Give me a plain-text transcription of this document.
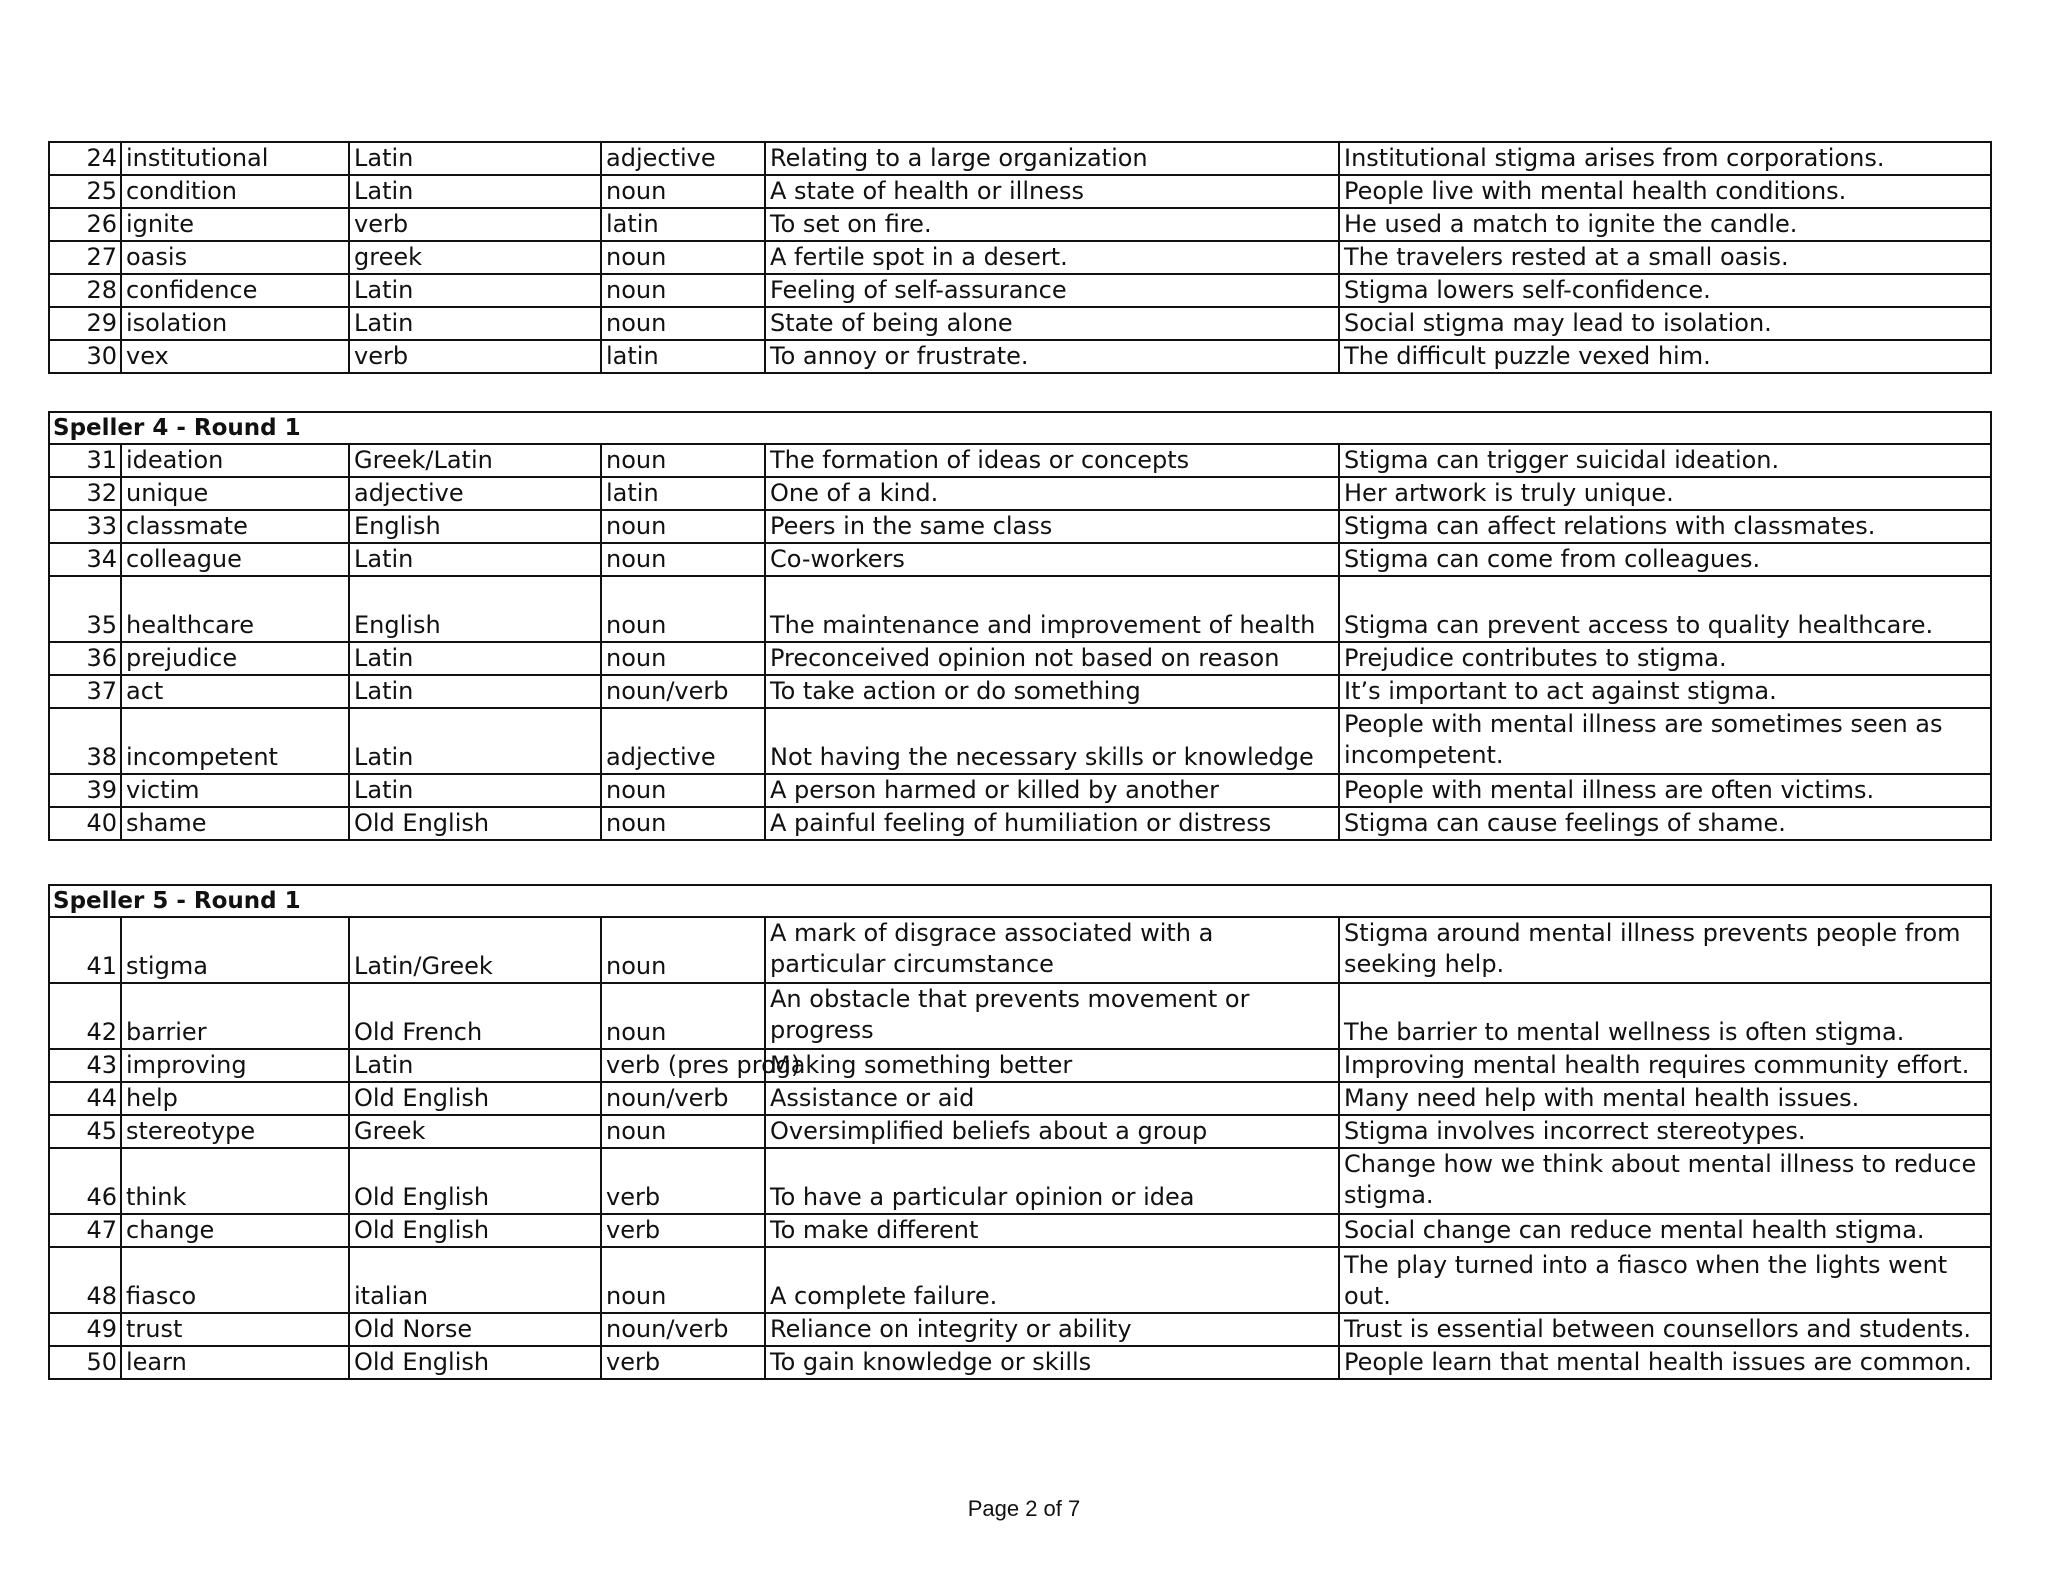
24	institutional	Latin	adjective	Relating to a large organization	Institutional stigma arises from corporations.
25	condition	Latin	noun	A state of health or illness	People live with mental health conditions.
26	ignite	verb	latin	To set on fire.	He used a match to ignite the candle.
27	oasis	greek	noun	A fertile spot in a desert.	The travelers rested at a small oasis.
28	confidence	Latin	noun	Feeling of self-assurance	Stigma lowers self-confidence.
29	isolation	Latin	noun	State of being alone	Social stigma may lead to isolation.
30	vex	verb	latin	To annoy or frustrate.	The difficult puzzle vexed him.
Speller 4 - Round 1					
31	ideation	Greek/Latin	noun	The formation of ideas or concepts	Stigma can trigger suicidal ideation.
32	unique	adjective	latin	One of a kind.	Her artwork is truly unique.
33	classmate	English	noun	Peers in the same class	Stigma can affect relations with classmates.
34	colleague	Latin	noun	Co-workers	Stigma can come from colleagues.
35	healthcare	English	noun	The maintenance and improvement of health	Stigma can prevent access to quality healthcare.
36	prejudice	Latin	noun	Preconceived opinion not based on reason	Prejudice contributes to stigma.
37	act	Latin	noun/verb	To take action or do something	It’s important to act against stigma.
38	incompetent	Latin	adjective	Not having the necessary skills or knowledge	People with mental illness are sometimes seen as incompetent.
39	victim	Latin	noun	A person harmed or killed by another	People with mental illness are often victims.
40	shame	Old English	noun	A painful feeling of humiliation or distress	Stigma can cause feelings of shame.
Speller 5 - Round 1					
41	stigma	Latin/Greek	noun	A mark of disgrace associated with a particular circumstance	Stigma around mental illness prevents people from seeking help.
42	barrier	Old French	noun	An obstacle that prevents movement or progress	The barrier to mental wellness is often stigma.
43	improving	Latin	verb (pres prog)	Making something better	Improving mental health requires community effort.
44	help	Old English	noun/verb	Assistance or aid	Many need help with mental health issues.
45	stereotype	Greek	noun	Oversimplified beliefs about a group	Stigma involves incorrect stereotypes.
46	think	Old English	verb	To have a particular opinion or idea	Change how we think about mental illness to reduce stigma.
47	change	Old English	verb	To make different	Social change can reduce mental health stigma.
48	fiasco	italian	noun	A complete failure.	The play turned into a fiasco when the lights went out.
49	trust	Old Norse	noun/verb	Reliance on integrity or ability	Trust is essential between counsellors and students.
50	learn	Old English	verb	To gain knowledge or skills	People learn that mental health issues are common.
Page 2 of 7
